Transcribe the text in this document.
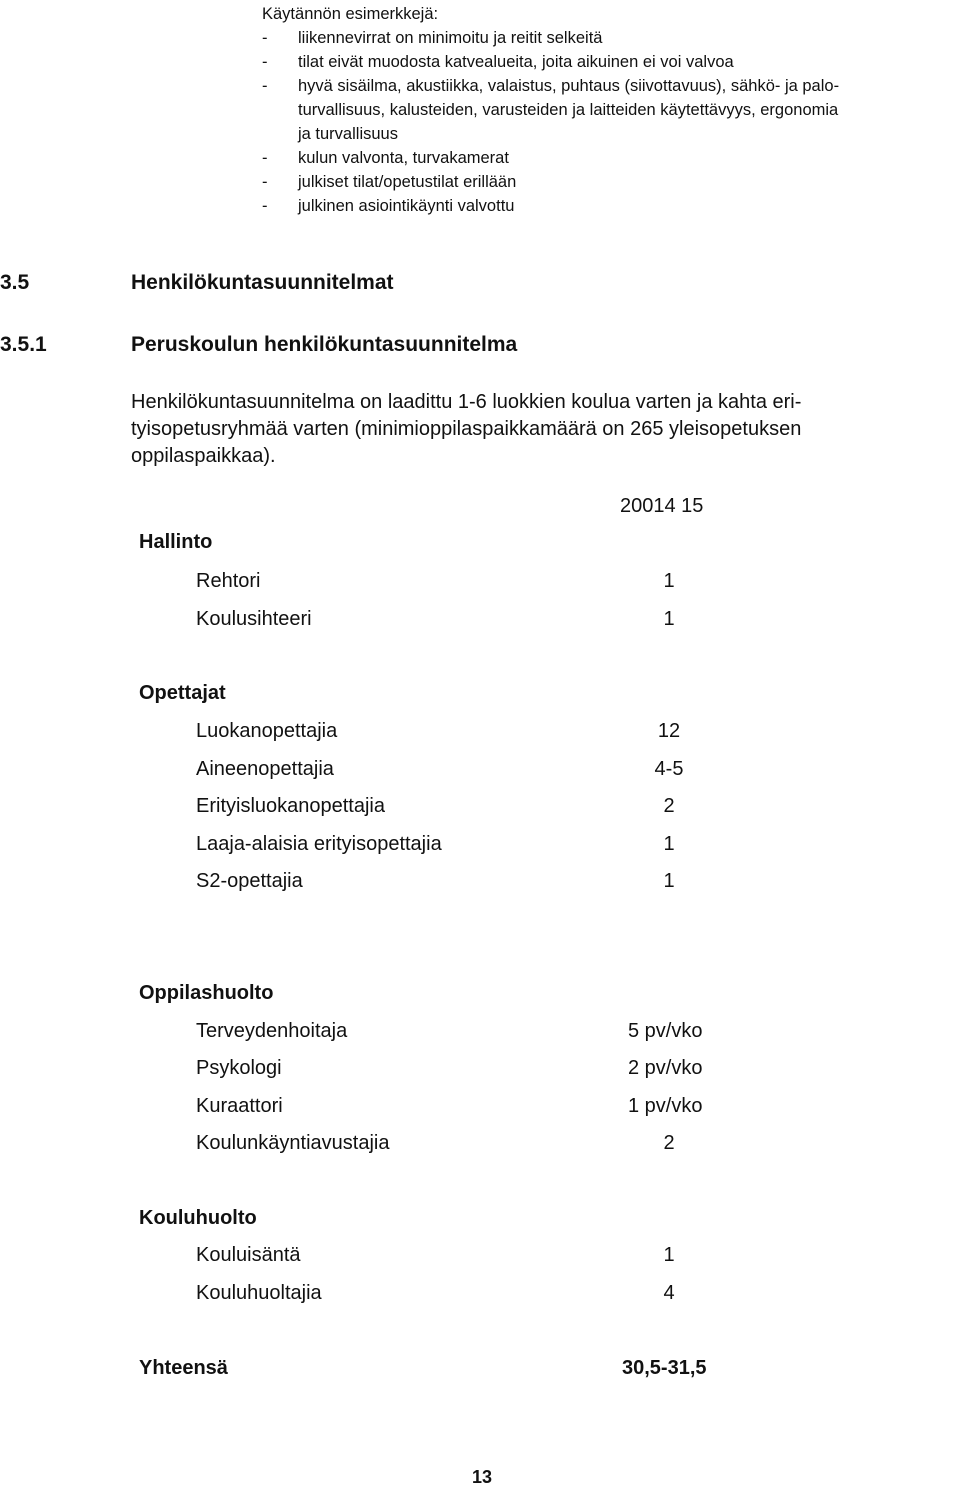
Käytännön esimerkkejä:
-	liikennevirrat on minimoitu ja reitit selkeitä
-	tilat eivät muodosta katvealueita, joita aikuinen ei voi valvoa
-	hyvä sisäilma, akustiikka, valaistus, puhtaus (siivottavuus), sähkö- ja palo-
turvallisuus, kalusteiden, varusteiden ja laitteiden käytettävyys, ergonomia
ja turvallisuus
-	kulun valvonta, turvakamerat
-	julkiset tilat/opetustilat erillään
-	julkinen asiointikäynti valvottu
3.5	Henkilökuntasuunnitelmat
3.5.1	Peruskoulun henkilökuntasuunnitelma
Henkilökuntasuunnitelma on laadittu 1-6 luokkien koulua varten ja kahta eri-
tyisopetusryhmää varten (minimioppilaspaikkamäärä on 265 yleisopetuksen
oppilaspaikkaa).
20014 15
Hallinto
Rehtori	1
Koulusihteeri	1
Opettajat
Luokanopettajia	12
Aineenopettajia	4-5
Erityisluokanopettajia	2
Laaja-alaisia erityisopettajia	1
S2-opettajia	1
Oppilashuolto
Terveydenhoitaja	5 pv/vko
Psykologi	2 pv/vko
Kuraattori	1 pv/vko
Koulunkäyntiavustajia	2
Kouluhuolto
Kouluisäntä	1
Kouluhuoltajia	4
Yhteensä	30,5-31,5
13
